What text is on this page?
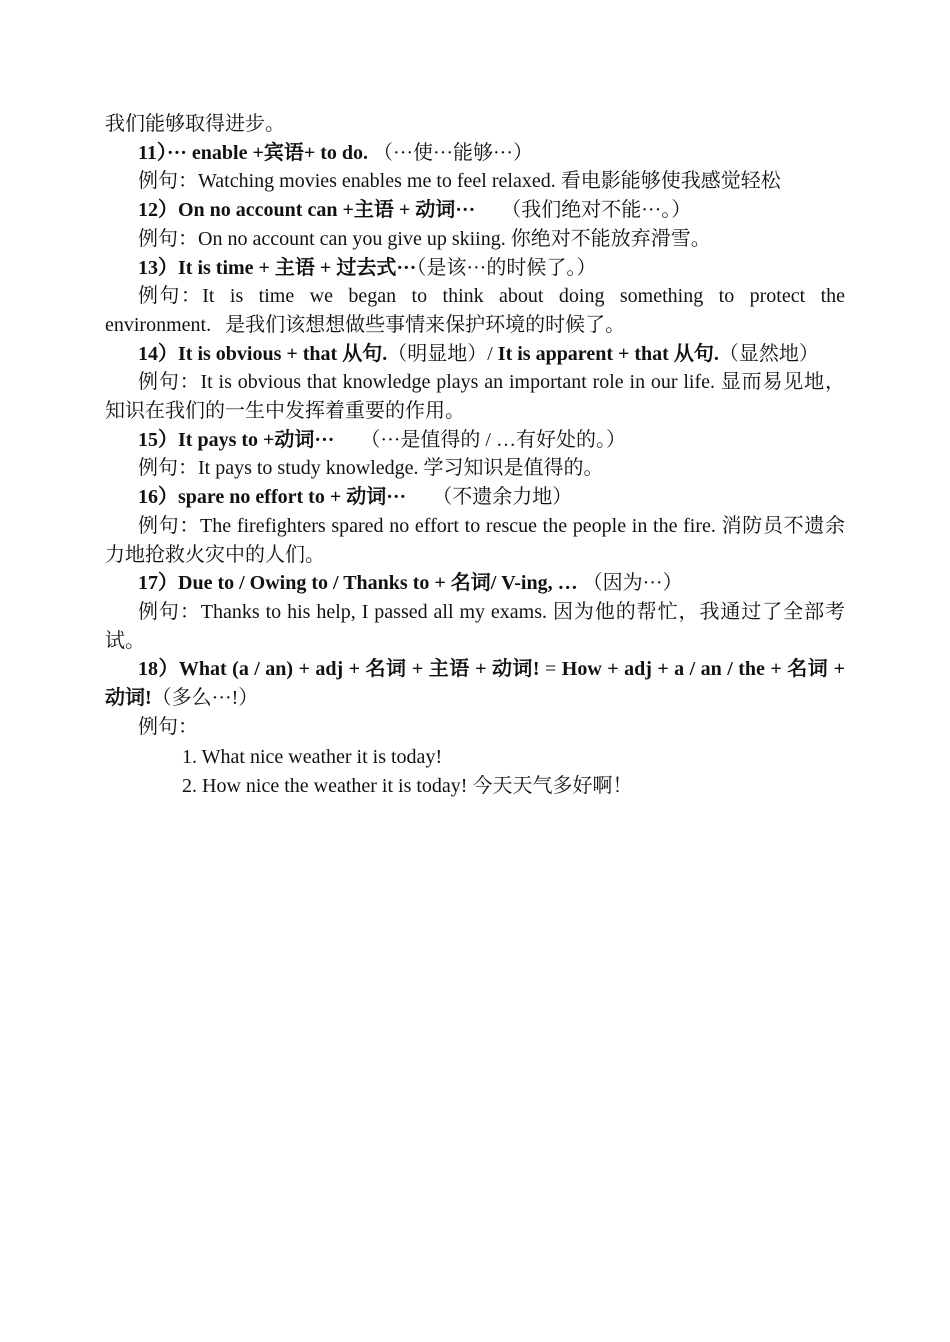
我们能够取得进步。
11）··· enable +宾语+ to do. （···使···能够···）
例句：Watching movies enables me to feel relaxed. 看电影能够使我感觉轻松
12）On no account can +主语 + 动词··· （我们绝对不能···。）
例句：On no account can you give up skiing. 你绝对不能放弃滑雪。
13）It is time + 主语 + 过去式···（是该···的时候了。）
例句：It is time we began to think about doing something to protect the environment. 是我们该想想做些事情来保护环境的时候了。
14）It is obvious + that 从句.（明显地）/ It is apparent + that 从句.（显然地）
例句：It is obvious that knowledge plays an important role in our life. 显而易见地，知识在我们的一生中发挥着重要的作用。
15）It pays to +动词··· （···是值得的 / …有好处的。）
例句：It pays to study knowledge. 学习知识是值得的。
16）spare no effort to + 动词··· （不遗余力地）
例句：The firefighters spared no effort to rescue the people in the fire. 消防员不遗余力地抢救火灾中的人们。
17）Due to / Owing to / Thanks to + 名词/ V-ing, … （因为···）
例句：Thanks to his help, I passed all my exams. 因为他的帮忙，我通过了全部考试。
18）What (a / an) + adj + 名词 + 主语 + 动词! = How + adj + a / an / the + 名词 + 动词!（多么···!）
例句：
1. What nice weather it is today!
2. How nice the weather it is today! 今天天气多好啊！
